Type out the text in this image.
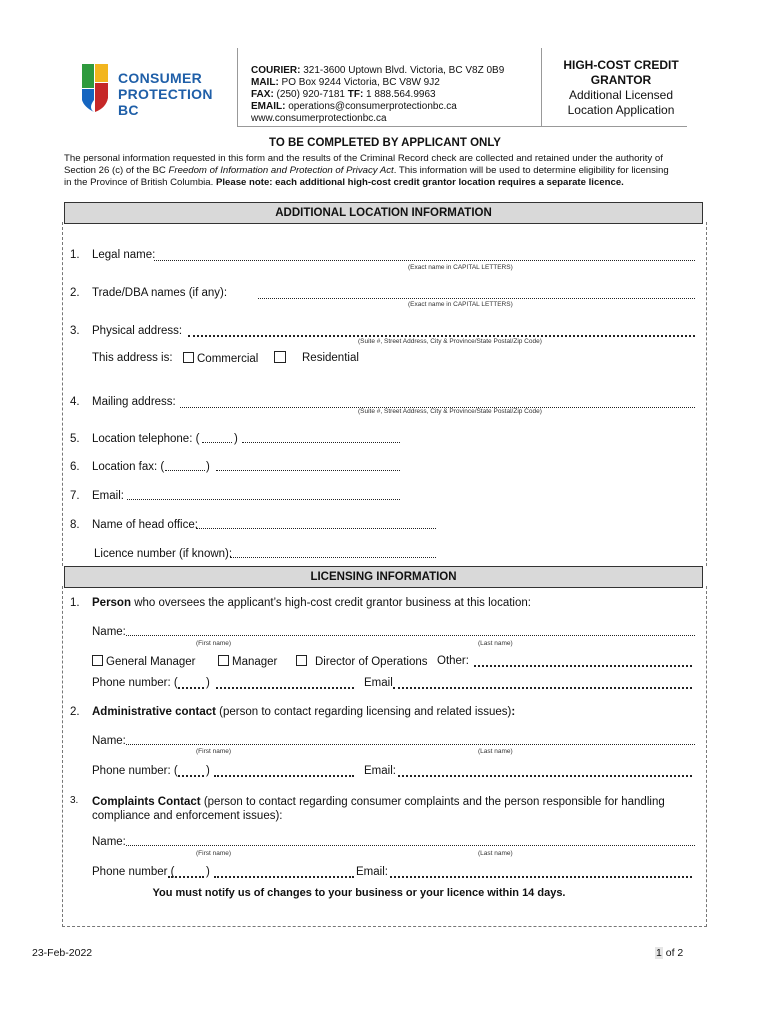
CONSUMER
PROTECTION BC
COURIER: 321-3600 Uptown Blvd. Victoria, BC V8Z 0B9
MAIL: PO Box 9244 Victoria, BC V8W 9J2
FAX: (250) 920-7181 TF: 1 888.564.9963
EMAIL: operations@consumerprotectionbc.ca
www.consumerprotectionbc.ca
HIGH-COST CREDIT
GRANTOR
Additional Licensed
Location Application
TO BE COMPLETED BY APPLICANT ONLY
The personal information requested in this form and the results of the Criminal Record check are collected and retained under the authority of
Section 26 (c) of the BC Freedom of Information and Protection of Privacy Act. This information will be used to determine eligibility for licensing
in the Province of British Columbia. Please note: each additional high-cost credit grantor location requires a separate licence.
ADDITIONAL LOCATION INFORMATION
1. Legal name:
(Exact name in CAPITAL LETTERS)
2. Trade/DBA names (if any):
(Exact name in CAPITAL LETTERS)
3. Physical address:
(Suite #, Street Address, City & Province/State Postal/Zip Code)
This address is:	Commercial	Residential
4. Mailing address:
(Suite #, Street Address, City & Province/State Postal/Zip Code)
5. Location telephone: (	)
6. Location fax: (	)
7. Email:
8. Name of head office:
Licence number (if known):
LICENSING INFORMATION
1. Person who oversees the applicant’s high-cost credit grantor business at this location:
Name:
(First name)	(Last name)
General Manager	Manager	Director of Operations Other:
Phone number: ( )	Email
2. Administrative contact (person to contact regarding licensing and related issues):
Name:
(First name)	(Last name)
Phone number: ( )	Email:
3. Complaints Contact (person to contact regarding consumer complaints and the person responsible for handling
compliance and enforcement issues):
Name:
(First name)	(Last name)
Phone number (	)	Email:
You must notify us of changes to your business or your licence within 14 days.
23-Feb-2022	1 of 2
